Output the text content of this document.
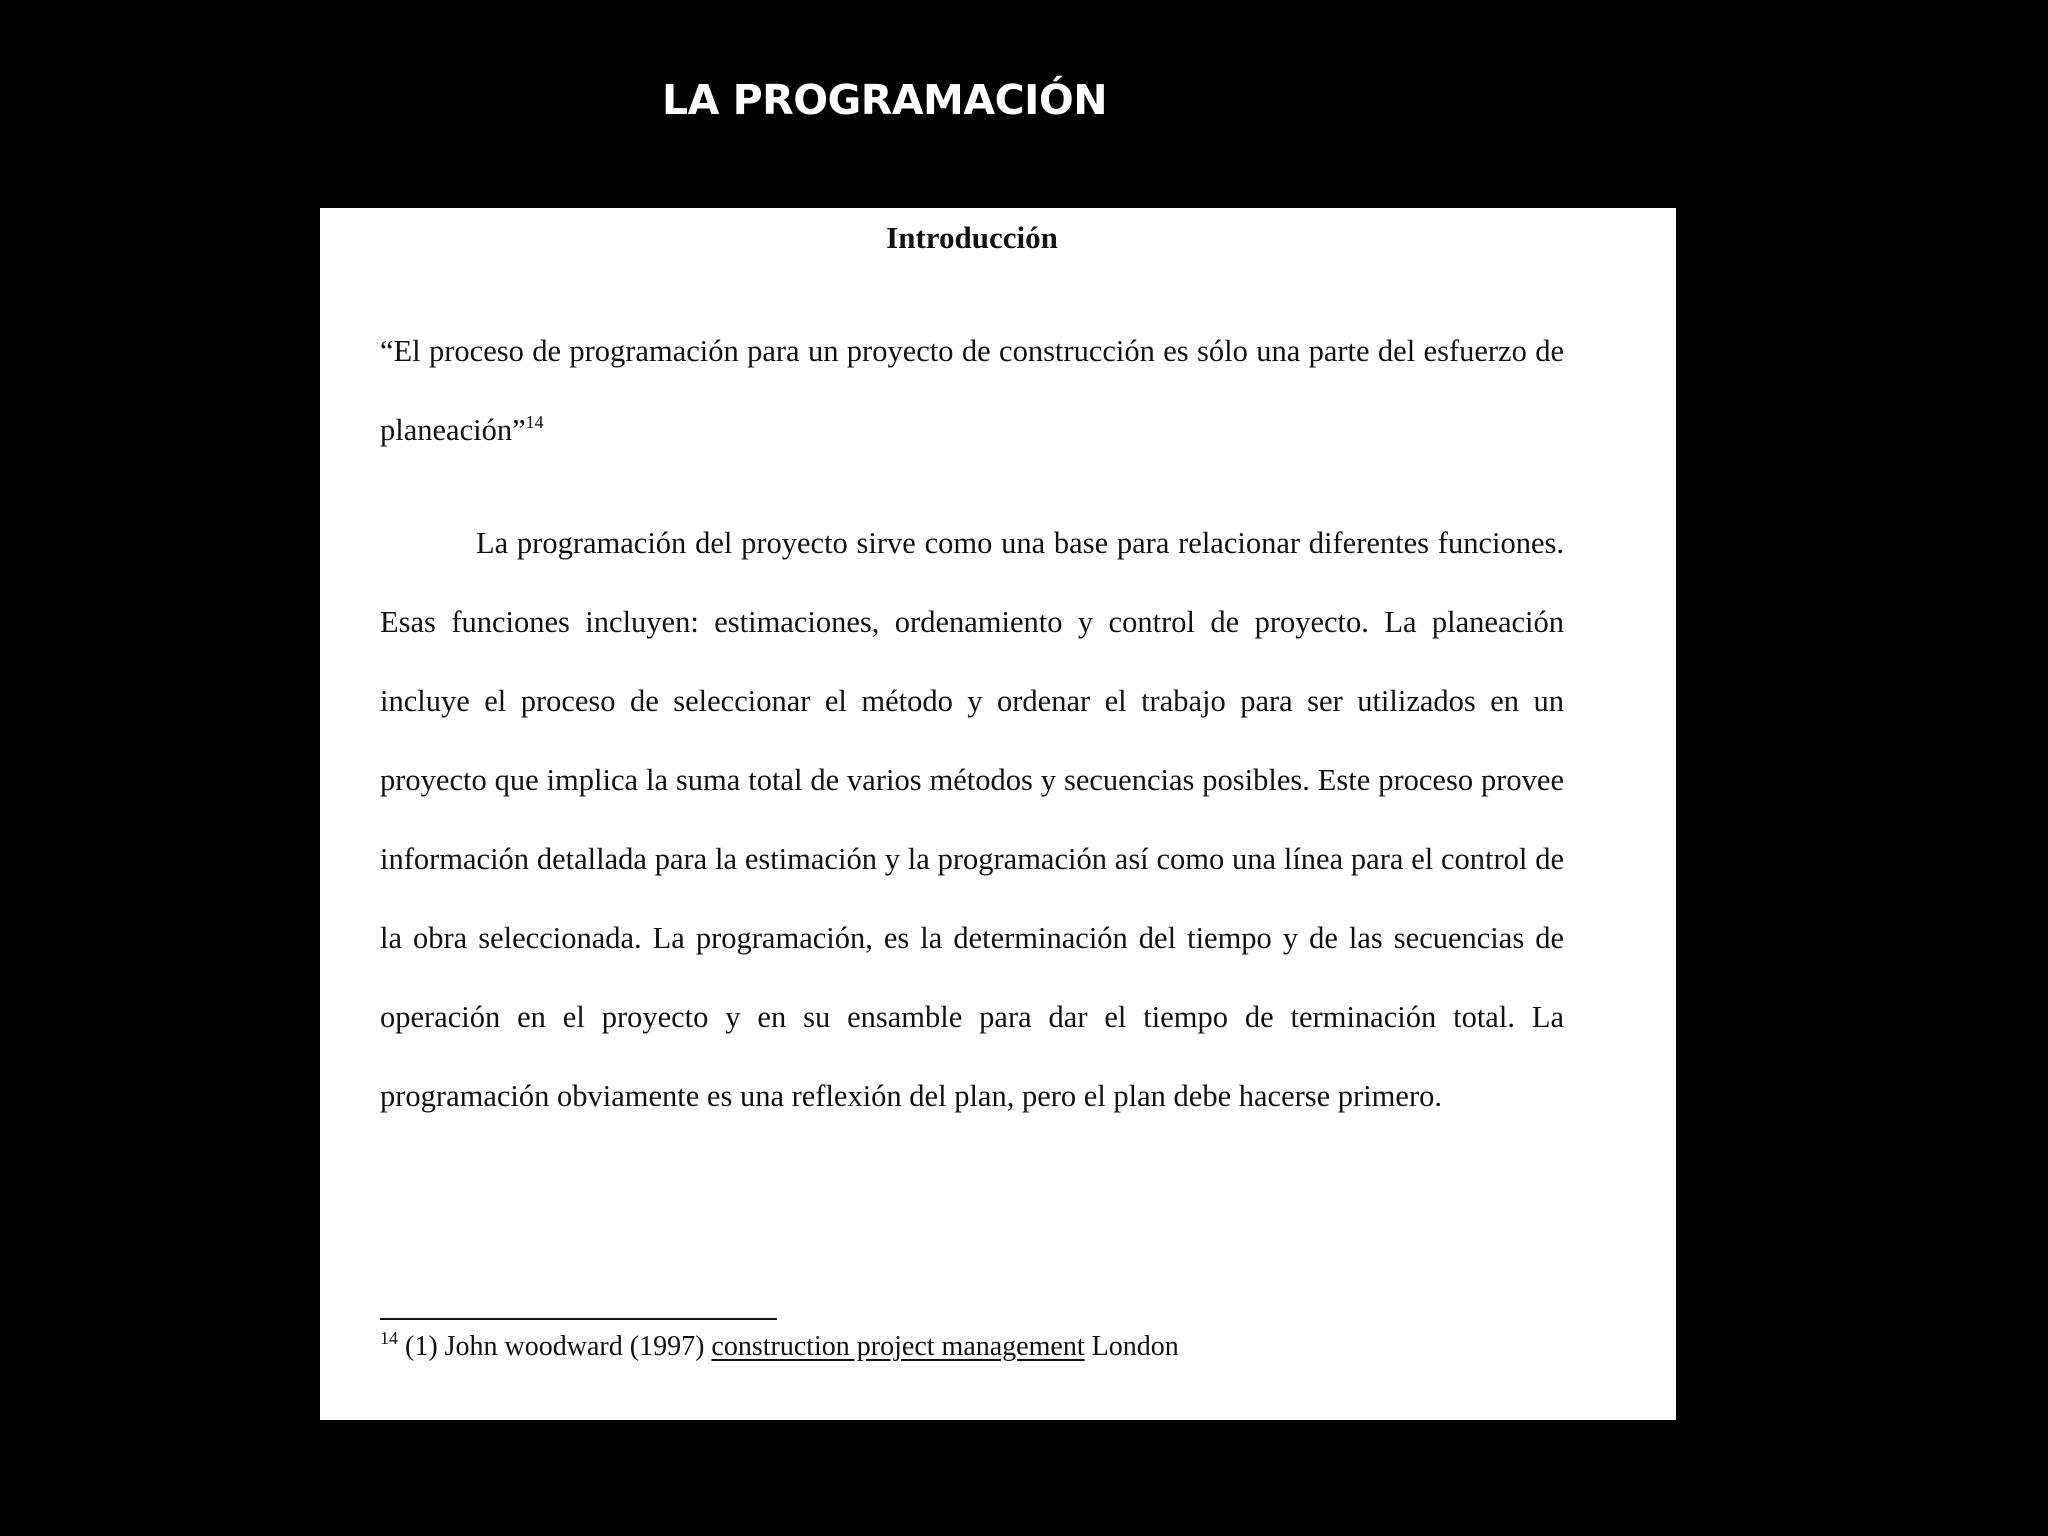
LA PROGRAMACIÓN
Introducción

“El proceso de programación para un proyecto de construcción es sólo una parte del esfuerzo de planeación”$^{14}$

La programación del proyecto sirve como una base para relacionar diferentes funciones. Esas funciones incluyen: estimaciones, ordenamiento y control de proyecto. La planeación incluye el proceso de seleccionar el método y ordenar el trabajo para ser utilizados en un proyecto que implica la suma total de varios métodos y secuencias posibles. Este proceso provee información detallada para la estimación y la programación así como una línea para el control de la obra seleccionada. La programación, es la determinación del tiempo y de las secuencias de operación en el proyecto y en su ensamble para dar el tiempo de terminación total. La programación obviamente es una reflexión del plan, pero el plan debe hacerse primero.

$^{14}$ (1) John woodward (1997) construction project management London
